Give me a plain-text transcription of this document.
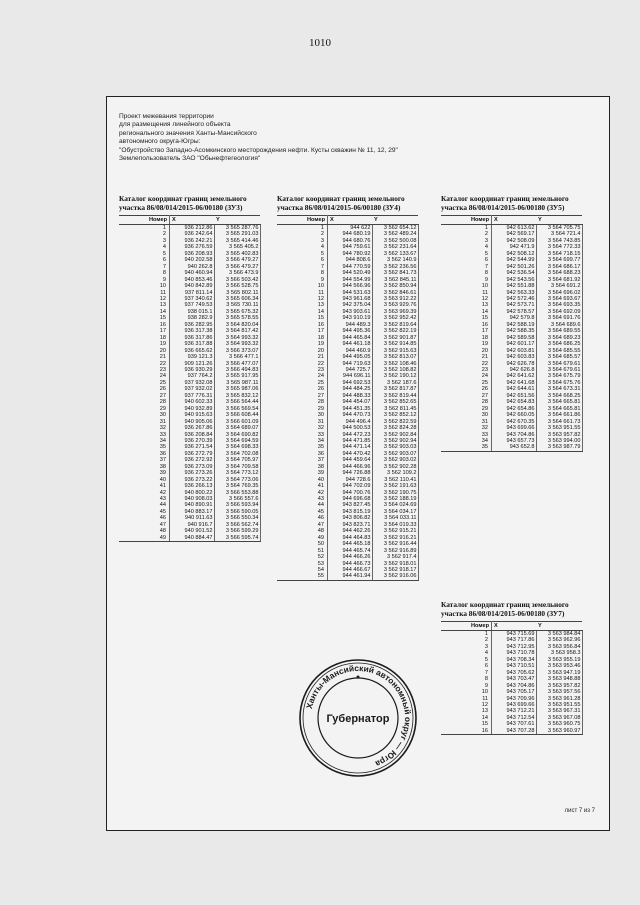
1010
Проект межевания территории
для размещения линейного объекта
регионального значения Ханты-Мансийского
автономного округа-Югры:
"Обустройство Западно-Асомкинского месторождения нефти. Кусты скважин № 11, 12, 29"
Землепользователь ЗАО "Обьнефтегеология"
Каталог координат границ земельного
участка 86/08/014/2015-06/00180 (ЗУ3)
Номер	X	Y
1	936 212.86	3 565 287.76
2	936 242.64	3 565 291.03
3	936 242.21	3 565 414.46
4	936 276.59	3 565 405.2
5	936 208.93	3 565 402.83
6	940 202.58	3 566 479.27
7	940 262.8	3 566 479.27
8	940 460.94	3 566 473.9
9	940 853.46	3 566 503.42
10	940 842.89	3 566 528.75
11	937 811.14	3 565 802.11
12	937 340.62	3 565 606.34
13	937 749.53	3 565 730.11
14	938 015.1	3 565 675.32
15	938 282.9	3 565 578.55
16	936 282.95	3 564 820.04
17	936 317.38	3 564 817.42
18	936 317.86	3 564 993.32
19	936 317.88	3 564 993.32
20	936 665.62	3 566 373.07
21	939 121.3	3 566 477.1
22	909 121.26	3 566 477.07
23	936 930.29	3 566 494.83
24	937 764.2	3 565 917.95
25	937 932.08	3 565 987.11
26	937 932.02	3 565 987.06
27	937 776.31	3 565 832.12
28	940 602.33	3 566 564.44
29	940 932.89	3 566 569.54
30	940 915.63	3 566 608.44
31	940 905.06	3 566 601.09
32	936 267.86	3 564 689.07
33	936 208.84	3 564 690.82
34	936 270.39	3 564 694.59
35	936 271.54	3 564 698.33
36	936 272.79	3 564 702.08
37	936 272.92	3 564 705.97
38	936 273.09	3 564 709.58
39	936 273.26	3 564 773.12
40	936 273.22	3 564 773.06
41	936 266.13	3 564 769.35
42	940 800.22	3 566 553.88
43	940 908.03	3 566 557.6
44	940 890.91	3 566 593.94
45	940 883.17	3 566 590.05
46	940 911.63	3 566 550.34
47	940 916.7	3 566 562.74
48	940 901.52	3 566 599.29
49	940 884.47	3 566 595.74
Каталог координат границ земельного
участка 86/08/014/2015-06/00180 (ЗУ4)
Номер	X	Y
1	944 622	3 562 654.12
2	944 680.19	3 562 489.24
3	944 680.76	3 562 500.08
4	944 759.61	3 562 231.64
5	944 780.92	3 562 133.67
6	944 808.6	3 562 140.9
7	944 770.59	3 562 236.56
8	944 520.49	3 562 841.73
9	944 554.99	3 562 845.11
10	944 566.96	3 562 850.94
11	944 531.63	3 562 846.61
12	943 961.68	3 563 912.22
13	942 375.04	3 563 929.76
14	943 903.61	3 563 969.39
15	943 910.19	3 562 952.42
16	944 489.3	3 562 819.64
17	944 495.36	3 562 822.19
18	944 465.84	3 562 901.87
19	944 461.18	3 562 914.85
20	944 460.9	3 562 915.63
21	944 495.05	3 562 813.07
22	944 719.63	3 562 108.46
23	944 725.7	3 562 108.82
24	944 696.11	3 562 190.12
25	944 692.53	3 562 187.6
26	944 484.25	3 562 817.87
27	944 488.33	3 562 819.44
28	944 454.07	3 562 852.65
29	944 451.35	3 562 811.45
30	944 470.73	3 562 852.12
31	944 496.4	3 562 822.59
32	944 500.53	3 562 824.28
33	944 472.23	3 562 902.84
34	944 471.85	3 562 902.94
35	944 471.14	3 562 903.03
36	944 470.42	3 562 903.07
37	944 459.64	3 562 903.02
38	944 466.96	3 562 902.28
39	944 726.88	3 562 109.2
40	944 728.6	3 562 110.41
41	944 702.09	3 562 191.63
42	944 700.76	3 562 190.75
43	944 696.68	3 562 188.19
44	943 827.45	3 564 024.69
45	943 815.19	3 564 034.17
46	943 806.82	3 564 033.11
47	943 823.71	3 564 019.33
48	944 462.26	3 562 915.21
49	944 464.83	3 562 916.21
50	944 465.18	3 562 916.44
51	944 465.74	3 562 916.89
52	944 466.26	3 562 917.4
53	944 466.73	3 562 918.01
54	944 466.67	3 562 918.17
55	944 461.94	3 562 916.06
Каталог координат границ земельного
участка 86/08/014/2015-06/00180 (ЗУ5)
Номер	X	Y
1	942 613.62	3 564 705.75
2	942 569.17	3 564 721.4
3	942 508.09	3 564 743.85
4	942 471.9	3 564 772.33
5	942 508.12	3 564 718.15
6	942 544.99	3 564 699.77
7	942 501.26	3 564 686.17
8	942 536.54	3 564 688.23
9	942 543.56	3 564 681.92
10	942 551.88	3 564 691.2
11	942 563.33	3 564 696.02
12	942 572.46	3 564 693.67
13	942 573.71	3 564 693.35
14	942 578.57	3 564 692.09
15	942 579.8	3 564 691.76
16	942 588.19	3 564 689.6
17	942 588.35	3 564 689.55
18	942 589.58	3 564 689.23
19	942 601.17	3 564 686.25
20	942 603.81	3 564 685.55
21	942 603.83	3 564 685.57
22	942 626.78	3 564 679.61
23	942 626.8	3 564 679.61
24	942 641.62	3 564 675.79
25	942 641.68	3 564 675.76
26	942 644.61	3 564 673.31
27	942 651.56	3 564 668.25
28	942 654.83	3 564 665.81
29	942 654.86	3 564 665.81
30	942 660.05	3 564 661.86
31	942 670.35	3 564 661.73
32	943 699.66	3 563 951.55
33	943 704.86	3 563 957.82
34	943 657.73	3 563 994.00
35	943 652.8	3 563 987.79
Каталог координат границ земельного
участка 86/08/014/2015-06/00180 (ЗУ7)
Номер	X	Y
1	943 715.69	3 563 984.84
2	943 717.86	3 563 962.96
3	943 712.95	3 563 956.84
4	943 710.78	3 563 958.3
5	943 708.34	3 563 955.19
6	943 710.51	3 563 953.46
7	943 705.62	3 563 947.19
8	943 703.47	3 563 948.88
9	943 704.86	3 563 957.82
10	943 705.17	3 563 957.56
11	943 709.96	3 563 961.28
12	943 699.66	3 563 951.55
13	943 712.21	3 563 967.31
14	943 712.54	3 563 967.08
15	943 707.61	3 563 960.75
16	943 707.28	3 563 960.97
Ханты-Мансийский автономный округ — Югра
Губернатор
лист 7 из 7
